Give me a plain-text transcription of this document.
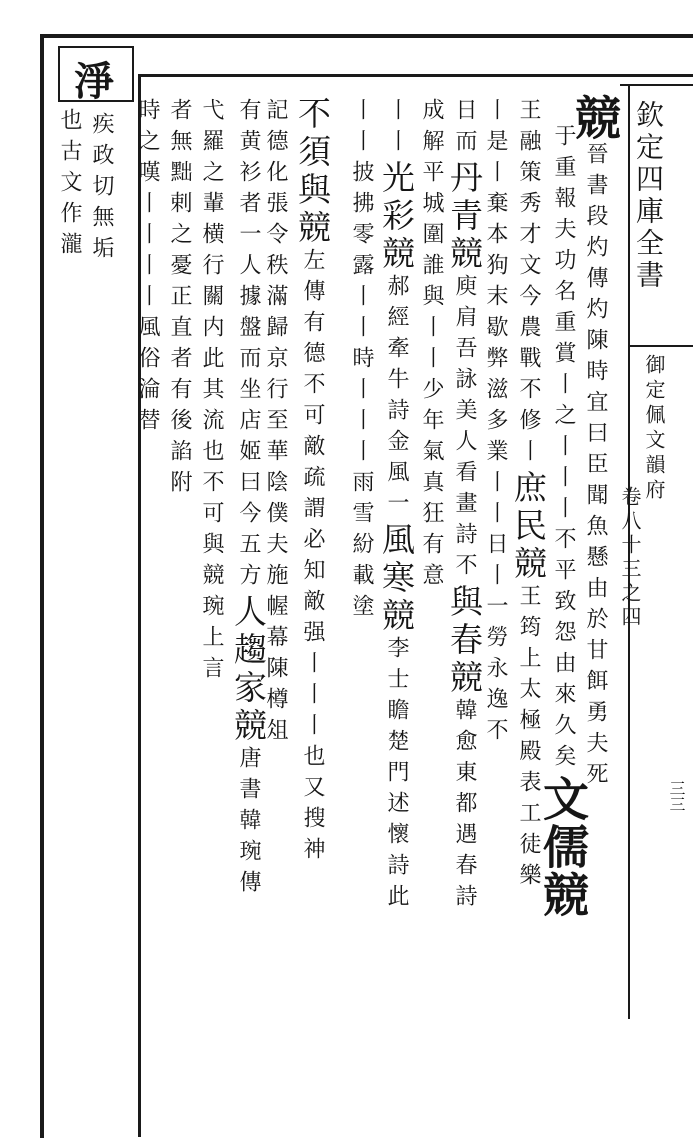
淨
欽定四庫全書
御定佩文韻府
卷八十三之四
三三
競晉書段灼傳灼陳時宜曰臣聞魚懸由於甘餌勇夫死
于重報夫功名重賞丨之丨丨丨不平致怨由來久矣文儒競
王融策秀才文今農戰不修丨庶民競王筠上太極殿表工徒樂
丨是丨棄本狗末歇弊滋多業丨丨日丨一勞永逸不
日而丹青競庾肩吾詠美人看畫詩不與春競韓愈東都遇春詩
成解平城圍誰與丨丨少年氣真狂有意
丨丨光彩競郝經牽牛詩金風一風寒競李士瞻楚門述懷詩此
丨丨披拂零露丨丨時丨丨丨雨雪紛載塗
不須與競左傳有德不可敵疏謂必知敵强丨丨丨也又搜神
記德化張令秩滿歸京行至華陰僕夫施幄幕陳樽俎
有黄衫者一人據盤而坐店姬曰今五方人趨家競唐書韓琬傳
弋羅之輩横行關内此其流也不可與競琬上言
者無黜剌之憂正直者有後諂附
時之嘆丨丨丨丨風俗淪替
疾政切無垢
也古文作瀧
